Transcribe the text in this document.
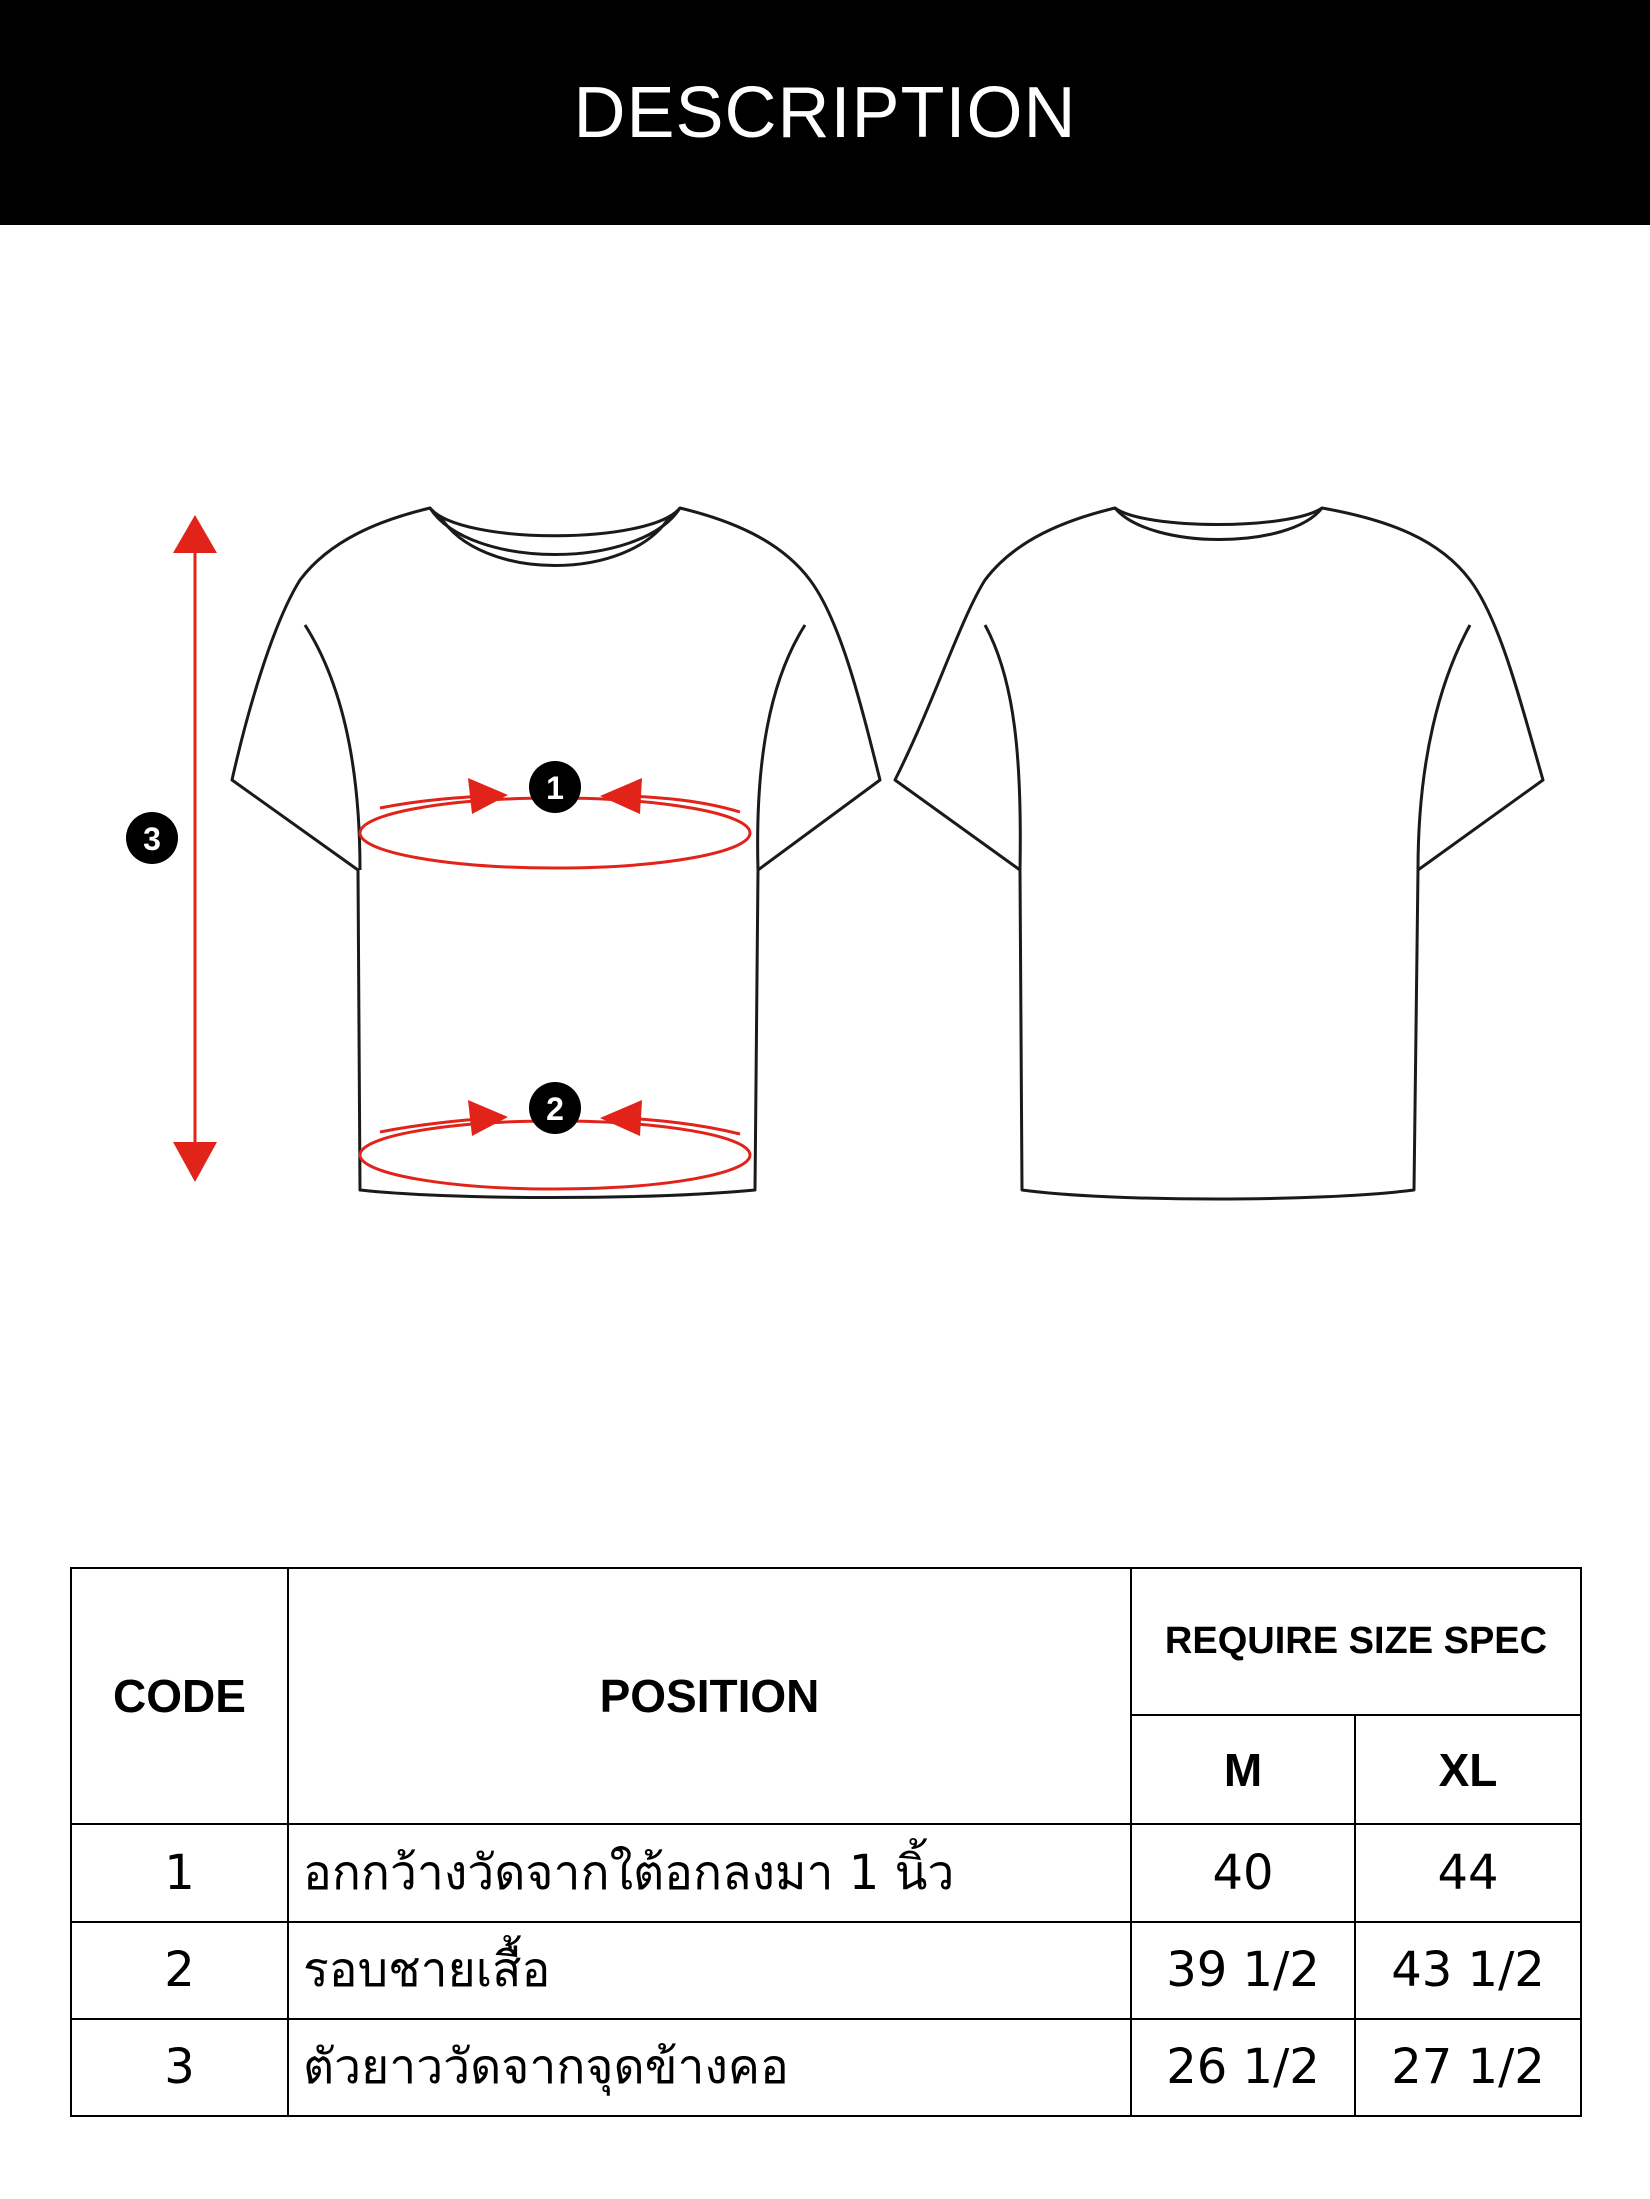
DESCRIPTION
1
2
3
CODE	POSITION	REQUIRE SIZE SPEC	
		M	XL
1	อกกว้างวัดจากใต้อกลงมา 1 นิ้ว	40	44
2	รอบชายเสื้อ	39 1/2	43 1/2
3	ตัวยาววัดจากจุดข้างคอ	26 1/2	27 1/2
